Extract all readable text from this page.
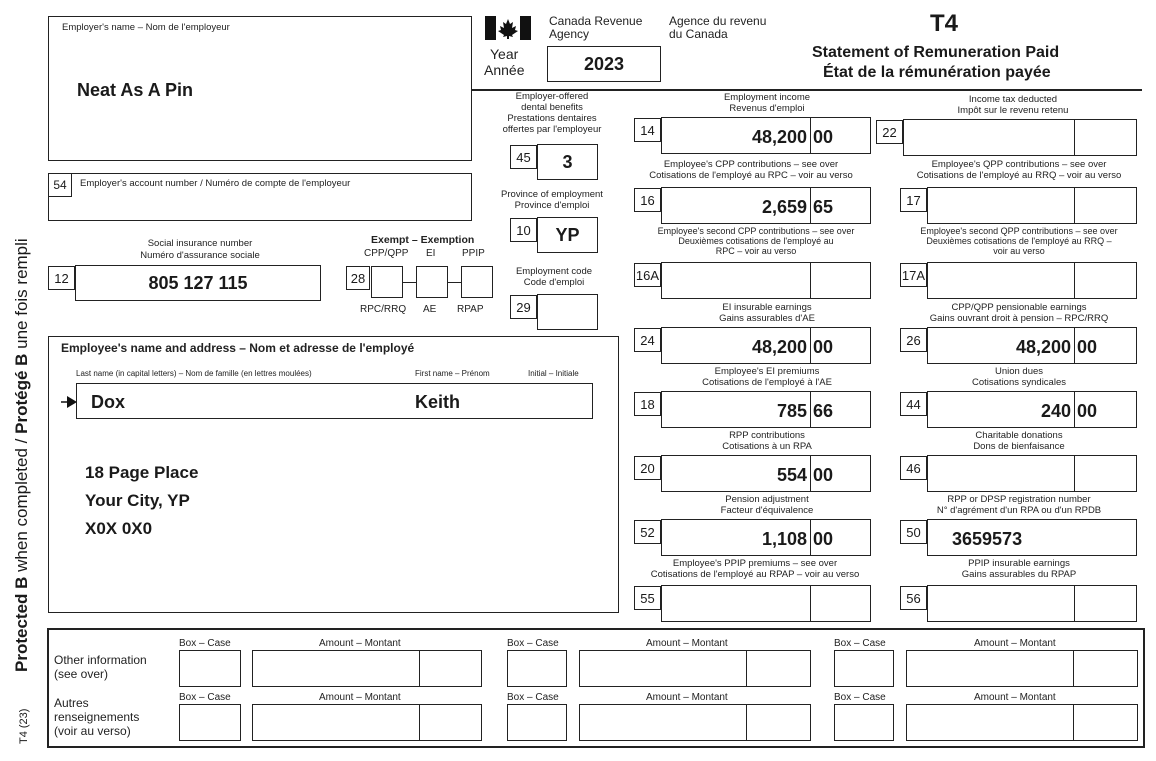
Protected B when completed / Protégé B une fois rempli
T4 (23)
Employer's name – Nom de l'employeur
Neat As A Pin
54	Employer's account number / Numéro de compte de l'employeur
Canada Revenue
Agency
Agence du revenu
du Canada
Year
Année	2023
T4
Statement of Remuneration Paid
État de la rémunération payée
Social insurance number
Numéro d'assurance sociale
12	805 127 115
Exempt – Exemption
CPP/QPP EI	PPIP
28
RPC/RRQ AE RPAP
Employer-offered
dental benefits
Prestations dentaires
offertes par l'employeur
45	3
Province of employment
Province d'emploi
10	YP
Employment code
Code d'emploi
29
Employee's name and address – Nom et adresse de l'employé
Last name (in capital letters) – Nom de famille (en lettres moulées)	First name – Prénom	Initial – Initiale
Dox	Keith
18 Page Place
Your City, YP
X0X 0X0
Employment income
Revenus d'emploi
14	48,200 00
Employee's CPP contributions – see over
Cotisations de l'employé au RPC – voir au verso
16	2,659 65
Employee's second CPP contributions – see over
Deuxièmes cotisations de l'employé au
RPC – voir au verso
16A
EI insurable earnings
Gains assurables d'AE
24	48,200 00
Employee's EI premiums
Cotisations de l'employé à l'AE
18	785 66
RPP contributions
Cotisations à un RPA
20	554 00
Pension adjustment
Facteur d'équivalence
52	1,108 00
Employee's PPIP premiums – see over
Cotisations de l'employé au RPAP – voir au verso
55
Income tax deducted
Impôt sur le revenu retenu
22
Employee's QPP contributions – see over
Cotisations de l'employé au RRQ – voir au verso
17
Employee's second QPP contributions – see over
Deuxièmes cotisations de l'employé au RRQ –
voir au verso
17A
CPP/QPP pensionable earnings
Gains ouvrant droit à pension – RPC/RRQ
26	48,200 00
Union dues
Cotisations syndicales
44	240 00
Charitable donations
Dons de bienfaisance
46
RPP or DPSP registration number
N° d'agrément d'un RPA ou d'un RPDB
50	3659573
PPIP insurable earnings
Gains assurables du RPAP
56
Other information
(see over)
Autres
renseignements
(voir au verso)
Box – Case	Amount – Montant	Box – Case	Amount – Montant	Box – Case	Amount – Montant
Box – Case	Amount – Montant	Box – Case	Amount – Montant	Box – Case	Amount – Montant
